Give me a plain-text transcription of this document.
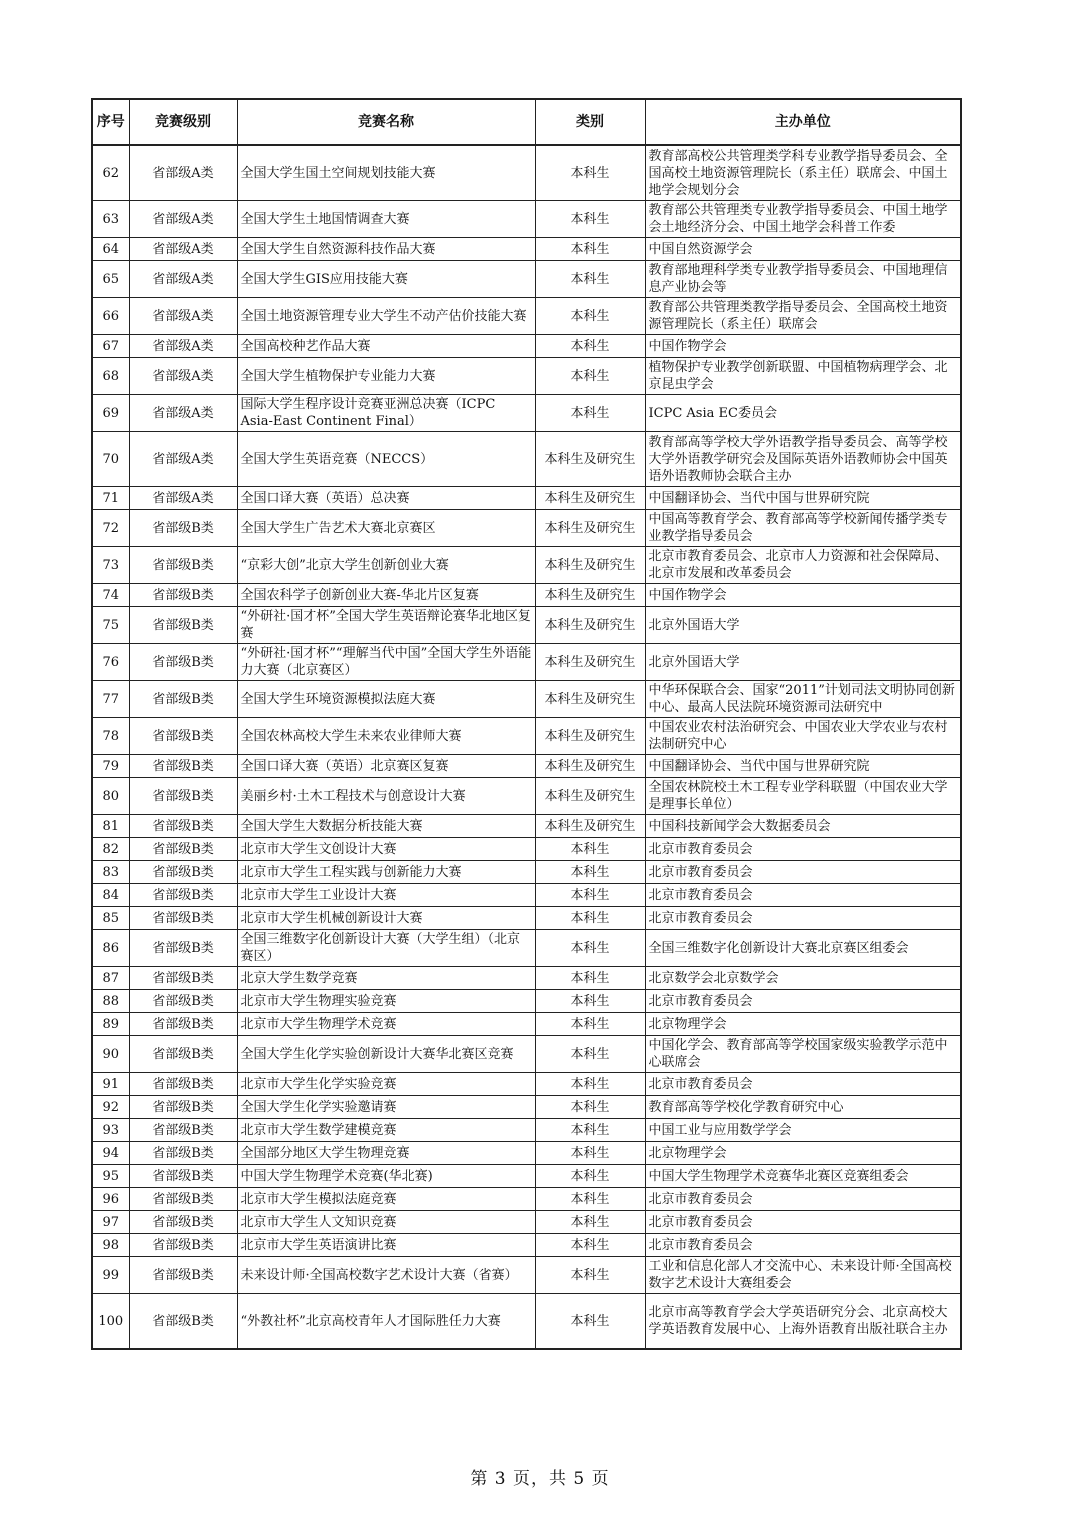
序号	竞赛级别	竞赛名称	类别	主办单位
62	省部级A类	全国大学生国土空间规划技能大赛	本科生	教育部高校公共管理类学科专业教学指导委员会、全国高校土地资源管理院长（系主任）联席会、中国土地学会规划分会
63	省部级A类	全国大学生土地国情调查大赛	本科生	教育部公共管理类专业教学指导委员会、中国土地学会土地经济分会、中国土地学会科普工作委
64	省部级A类	全国大学生自然资源科技作品大赛	本科生	中国自然资源学会
65	省部级A类	全国大学生GIS应用技能大赛	本科生	教育部地理科学类专业教学指导委员会、中国地理信息产业协会等
66	省部级A类	全国土地资源管理专业大学生不动产估价技能大赛	本科生	教育部公共管理类教学指导委员会、全国高校土地资源管理院长（系主任）联席会
67	省部级A类	全国高校种艺作品大赛	本科生	中国作物学会
68	省部级A类	全国大学生植物保护专业能力大赛	本科生	植物保护专业教学创新联盟、中国植物病理学会、北京昆虫学会
69	省部级A类	国际大学生程序设计竞赛亚洲总决赛（ICPC Asia-East Continent Final）	本科生	ICPC Asia EC委员会
70	省部级A类	全国大学生英语竞赛（NECCS）	本科生及研究生	教育部高等学校大学外语教学指导委员会、高等学校大学外语教学研究会及国际英语外语教师协会中国英语外语教师协会联合主办
71	省部级A类	全国口译大赛（英语）总决赛	本科生及研究生	中国翻译协会、当代中国与世界研究院
72	省部级B类	全国大学生广告艺术大赛北京赛区	本科生及研究生	中国高等教育学会、教育部高等学校新闻传播学类专业教学指导委员会
73	省部级B类	“京彩大创”北京大学生创新创业大赛	本科生及研究生	北京市教育委员会、北京市人力资源和社会保障局、北京市发展和改革委员会
74	省部级B类	全国农科学子创新创业大赛-华北片区复赛	本科生及研究生	中国作物学会
75	省部级B类	“外研社·国才杯”全国大学生英语辩论赛华北地区复赛	本科生及研究生	北京外国语大学
76	省部级B类	“外研社·国才杯”“理解当代中国”全国大学生外语能力大赛（北京赛区）	本科生及研究生	北京外国语大学
77	省部级B类	全国大学生环境资源模拟法庭大赛	本科生及研究生	中华环保联合会、国家“2011”计划司法文明协同创新中心、最高人民法院环境资源司法研究中
78	省部级B类	全国农林高校大学生未来农业律师大赛	本科生及研究生	中国农业农村法治研究会、中国农业大学农业与农村法制研究中心
79	省部级B类	全国口译大赛（英语）北京赛区复赛	本科生及研究生	中国翻译协会、当代中国与世界研究院
80	省部级B类	美丽乡村·土木工程技术与创意设计大赛	本科生及研究生	全国农林院校土木工程专业学科联盟（中国农业大学是理事长单位）
81	省部级B类	全国大学生大数据分析技能大赛	本科生及研究生	中国科技新闻学会大数据委员会
82	省部级B类	北京市大学生文创设计大赛	本科生	北京市教育委员会
83	省部级B类	北京市大学生工程实践与创新能力大赛	本科生	北京市教育委员会
84	省部级B类	北京市大学生工业设计大赛	本科生	北京市教育委员会
85	省部级B类	北京市大学生机械创新设计大赛	本科生	北京市教育委员会
86	省部级B类	全国三维数字化创新设计大赛（大学生组）（北京赛区）	本科生	全国三维数字化创新设计大赛北京赛区组委会
87	省部级B类	北京大学生数学竞赛	本科生	北京数学会北京数学会
88	省部级B类	北京市大学生物理实验竞赛	本科生	北京市教育委员会
89	省部级B类	北京市大学生物理学术竞赛	本科生	北京物理学会
90	省部级B类	全国大学生化学实验创新设计大赛华北赛区竞赛	本科生	中国化学会、教育部高等学校国家级实验教学示范中心联席会
91	省部级B类	北京市大学生化学实验竞赛	本科生	北京市教育委员会
92	省部级B类	全国大学生化学实验邀请赛	本科生	教育部高等学校化学教育研究中心
93	省部级B类	北京市大学生数学建模竞赛	本科生	中国工业与应用数学学会
94	省部级B类	全国部分地区大学生物理竞赛	本科生	北京物理学会
95	省部级B类	中国大学生物理学术竞赛(华北赛)	本科生	中国大学生物理学术竞赛华北赛区竞赛组委会
96	省部级B类	北京市大学生模拟法庭竞赛	本科生	北京市教育委员会
97	省部级B类	北京市大学生人文知识竞赛	本科生	北京市教育委员会
98	省部级B类	北京市大学生英语演讲比赛	本科生	北京市教育委员会
99	省部级B类	未来设计师·全国高校数字艺术设计大赛（省赛）	本科生	工业和信息化部人才交流中心、未来设计师·全国高校数字艺术设计大赛组委会
100	省部级B类	“外教社杯”北京高校青年人才国际胜任力大赛	本科生	北京市高等教育学会大学英语研究分会、北京高校大学英语教育发展中心、上海外语教育出版社联合主办
第 3 页，共 5 页
